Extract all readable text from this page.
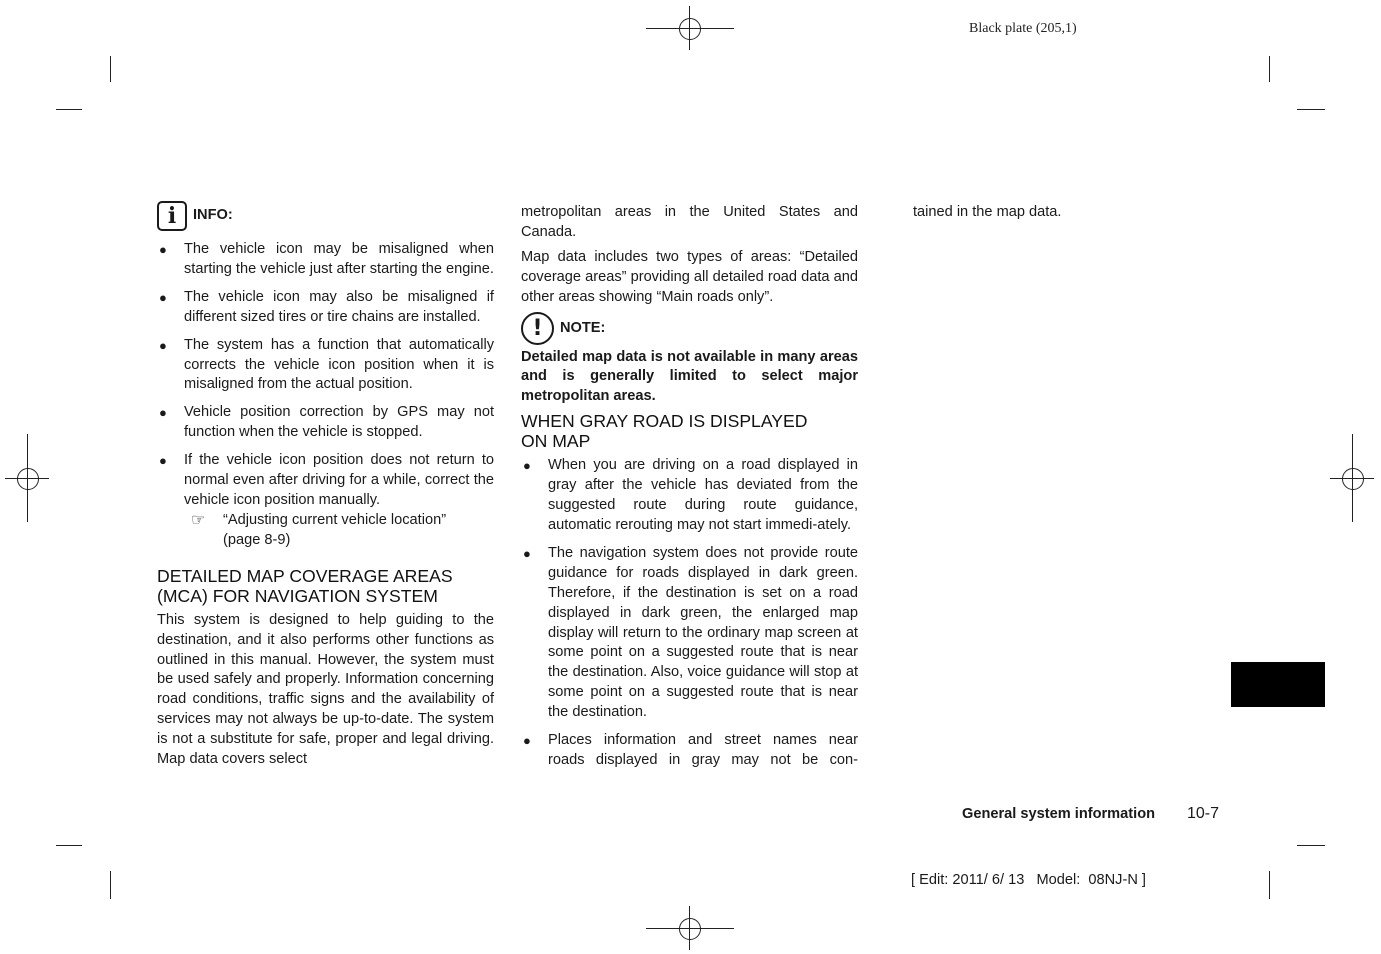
Black plate (205,1)
i INFO:
● The vehicle icon may be misaligned when starting the vehicle just after starting the engine.
● The vehicle icon may also be misaligned if different sized tires or tire chains are installed.
● The system has a function that automatically corrects the vehicle icon position when it is misaligned from the actual position.
● Vehicle position correction by GPS may not function when the vehicle is stopped.
● If the vehicle icon position does not return to normal even after driving for a while, correct the vehicle icon position manually.
☞	“Adjusting current vehicle location”
(page 8-9)
DETAILED MAP COVERAGE AREAS
(MCA) FOR NAVIGATION SYSTEM

This system is designed to help guiding to the destination, and it also performs other functions as outlined in this manual. However, the system must be used safely and properly. Information concerning road conditions, traffic signs and the availability of services may not always be up-to-date. The system is not a substitute for safe, proper and legal driving. Map data covers select

metropolitan areas in the United States and Canada.

Map data includes two types of areas: “Detailed coverage areas” providing all detailed road data and other areas showing “Main roads only”.

! NOTE:

Detailed map data is not available in many areas and is generally limited to select major metropolitan areas.

WHEN GRAY ROAD IS DISPLAYED
ON MAP
● When you are driving on a road displayed in gray after the vehicle has deviated from the suggested route during route guidance, automatic rerouting may not start immedi-ately.
● The navigation system does not provide route guidance for roads displayed in dark green. Therefore, if the destination is set on a road displayed in dark green, the enlarged map display will return to the ordinary map screen at some point on a suggested route that is near the destination. Also, voice guidance will stop at some point on a suggested route that is near the destination.
● Places information and street names near roads displayed in gray may not be con-

tained in the map data.

General system information 10-7
[ Edit: 2011/ 6/ 13   Model:  08NJ-N ]
